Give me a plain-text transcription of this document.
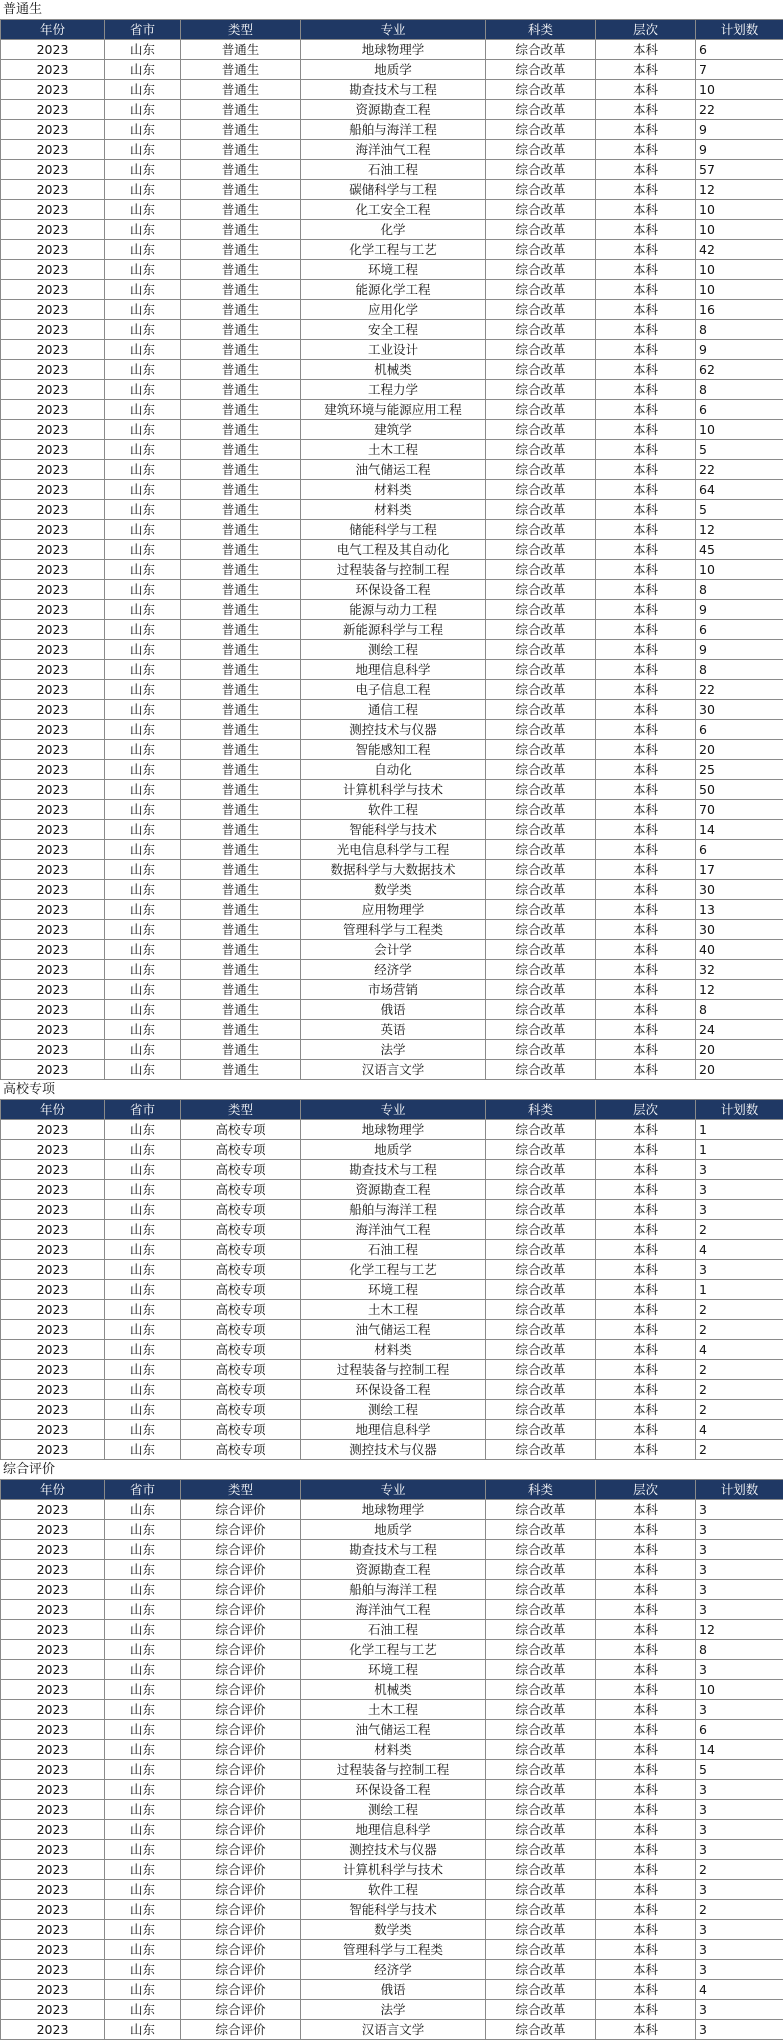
普通生
年份	省市	类型	专业	科类	层次	计划数
2023	山东	普通生	地球物理学	综合改革	本科	6
2023	山东	普通生	地质学	综合改革	本科	7
2023	山东	普通生	勘查技术与工程	综合改革	本科	10
2023	山东	普通生	资源勘查工程	综合改革	本科	22
2023	山东	普通生	船舶与海洋工程	综合改革	本科	9
2023	山东	普通生	海洋油气工程	综合改革	本科	9
2023	山东	普通生	石油工程	综合改革	本科	57
2023	山东	普通生	碳储科学与工程	综合改革	本科	12
2023	山东	普通生	化工安全工程	综合改革	本科	10
2023	山东	普通生	化学	综合改革	本科	10
2023	山东	普通生	化学工程与工艺	综合改革	本科	42
2023	山东	普通生	环境工程	综合改革	本科	10
2023	山东	普通生	能源化学工程	综合改革	本科	10
2023	山东	普通生	应用化学	综合改革	本科	16
2023	山东	普通生	安全工程	综合改革	本科	8
2023	山东	普通生	工业设计	综合改革	本科	9
2023	山东	普通生	机械类	综合改革	本科	62
2023	山东	普通生	工程力学	综合改革	本科	8
2023	山东	普通生	建筑环境与能源应用工程	综合改革	本科	6
2023	山东	普通生	建筑学	综合改革	本科	10
2023	山东	普通生	土木工程	综合改革	本科	5
2023	山东	普通生	油气储运工程	综合改革	本科	22
2023	山东	普通生	材料类	综合改革	本科	64
2023	山东	普通生	材料类	综合改革	本科	5
2023	山东	普通生	储能科学与工程	综合改革	本科	12
2023	山东	普通生	电气工程及其自动化	综合改革	本科	45
2023	山东	普通生	过程装备与控制工程	综合改革	本科	10
2023	山东	普通生	环保设备工程	综合改革	本科	8
2023	山东	普通生	能源与动力工程	综合改革	本科	9
2023	山东	普通生	新能源科学与工程	综合改革	本科	6
2023	山东	普通生	测绘工程	综合改革	本科	9
2023	山东	普通生	地理信息科学	综合改革	本科	8
2023	山东	普通生	电子信息工程	综合改革	本科	22
2023	山东	普通生	通信工程	综合改革	本科	30
2023	山东	普通生	测控技术与仪器	综合改革	本科	6
2023	山东	普通生	智能感知工程	综合改革	本科	20
2023	山东	普通生	自动化	综合改革	本科	25
2023	山东	普通生	计算机科学与技术	综合改革	本科	50
2023	山东	普通生	软件工程	综合改革	本科	70
2023	山东	普通生	智能科学与技术	综合改革	本科	14
2023	山东	普通生	光电信息科学与工程	综合改革	本科	6
2023	山东	普通生	数据科学与大数据技术	综合改革	本科	17
2023	山东	普通生	数学类	综合改革	本科	30
2023	山东	普通生	应用物理学	综合改革	本科	13
2023	山东	普通生	管理科学与工程类	综合改革	本科	30
2023	山东	普通生	会计学	综合改革	本科	40
2023	山东	普通生	经济学	综合改革	本科	32
2023	山东	普通生	市场营销	综合改革	本科	12
2023	山东	普通生	俄语	综合改革	本科	8
2023	山东	普通生	英语	综合改革	本科	24
2023	山东	普通生	法学	综合改革	本科	20
2023	山东	普通生	汉语言文学	综合改革	本科	20
高校专项
年份	省市	类型	专业	科类	层次	计划数
2023	山东	高校专项	地球物理学	综合改革	本科	1
2023	山东	高校专项	地质学	综合改革	本科	1
2023	山东	高校专项	勘查技术与工程	综合改革	本科	3
2023	山东	高校专项	资源勘查工程	综合改革	本科	3
2023	山东	高校专项	船舶与海洋工程	综合改革	本科	3
2023	山东	高校专项	海洋油气工程	综合改革	本科	2
2023	山东	高校专项	石油工程	综合改革	本科	4
2023	山东	高校专项	化学工程与工艺	综合改革	本科	3
2023	山东	高校专项	环境工程	综合改革	本科	1
2023	山东	高校专项	土木工程	综合改革	本科	2
2023	山东	高校专项	油气储运工程	综合改革	本科	2
2023	山东	高校专项	材料类	综合改革	本科	4
2023	山东	高校专项	过程装备与控制工程	综合改革	本科	2
2023	山东	高校专项	环保设备工程	综合改革	本科	2
2023	山东	高校专项	测绘工程	综合改革	本科	2
2023	山东	高校专项	地理信息科学	综合改革	本科	4
2023	山东	高校专项	测控技术与仪器	综合改革	本科	2
综合评价
年份	省市	类型	专业	科类	层次	计划数
2023	山东	综合评价	地球物理学	综合改革	本科	3
2023	山东	综合评价	地质学	综合改革	本科	3
2023	山东	综合评价	勘查技术与工程	综合改革	本科	3
2023	山东	综合评价	资源勘查工程	综合改革	本科	3
2023	山东	综合评价	船舶与海洋工程	综合改革	本科	3
2023	山东	综合评价	海洋油气工程	综合改革	本科	3
2023	山东	综合评价	石油工程	综合改革	本科	12
2023	山东	综合评价	化学工程与工艺	综合改革	本科	8
2023	山东	综合评价	环境工程	综合改革	本科	3
2023	山东	综合评价	机械类	综合改革	本科	10
2023	山东	综合评价	土木工程	综合改革	本科	3
2023	山东	综合评价	油气储运工程	综合改革	本科	6
2023	山东	综合评价	材料类	综合改革	本科	14
2023	山东	综合评价	过程装备与控制工程	综合改革	本科	5
2023	山东	综合评价	环保设备工程	综合改革	本科	3
2023	山东	综合评价	测绘工程	综合改革	本科	3
2023	山东	综合评价	地理信息科学	综合改革	本科	3
2023	山东	综合评价	测控技术与仪器	综合改革	本科	3
2023	山东	综合评价	计算机科学与技术	综合改革	本科	2
2023	山东	综合评价	软件工程	综合改革	本科	3
2023	山东	综合评价	智能科学与技术	综合改革	本科	2
2023	山东	综合评价	数学类	综合改革	本科	3
2023	山东	综合评价	管理科学与工程类	综合改革	本科	3
2023	山东	综合评价	经济学	综合改革	本科	3
2023	山东	综合评价	俄语	综合改革	本科	4
2023	山东	综合评价	法学	综合改革	本科	3
2023	山东	综合评价	汉语言文学	综合改革	本科	3
